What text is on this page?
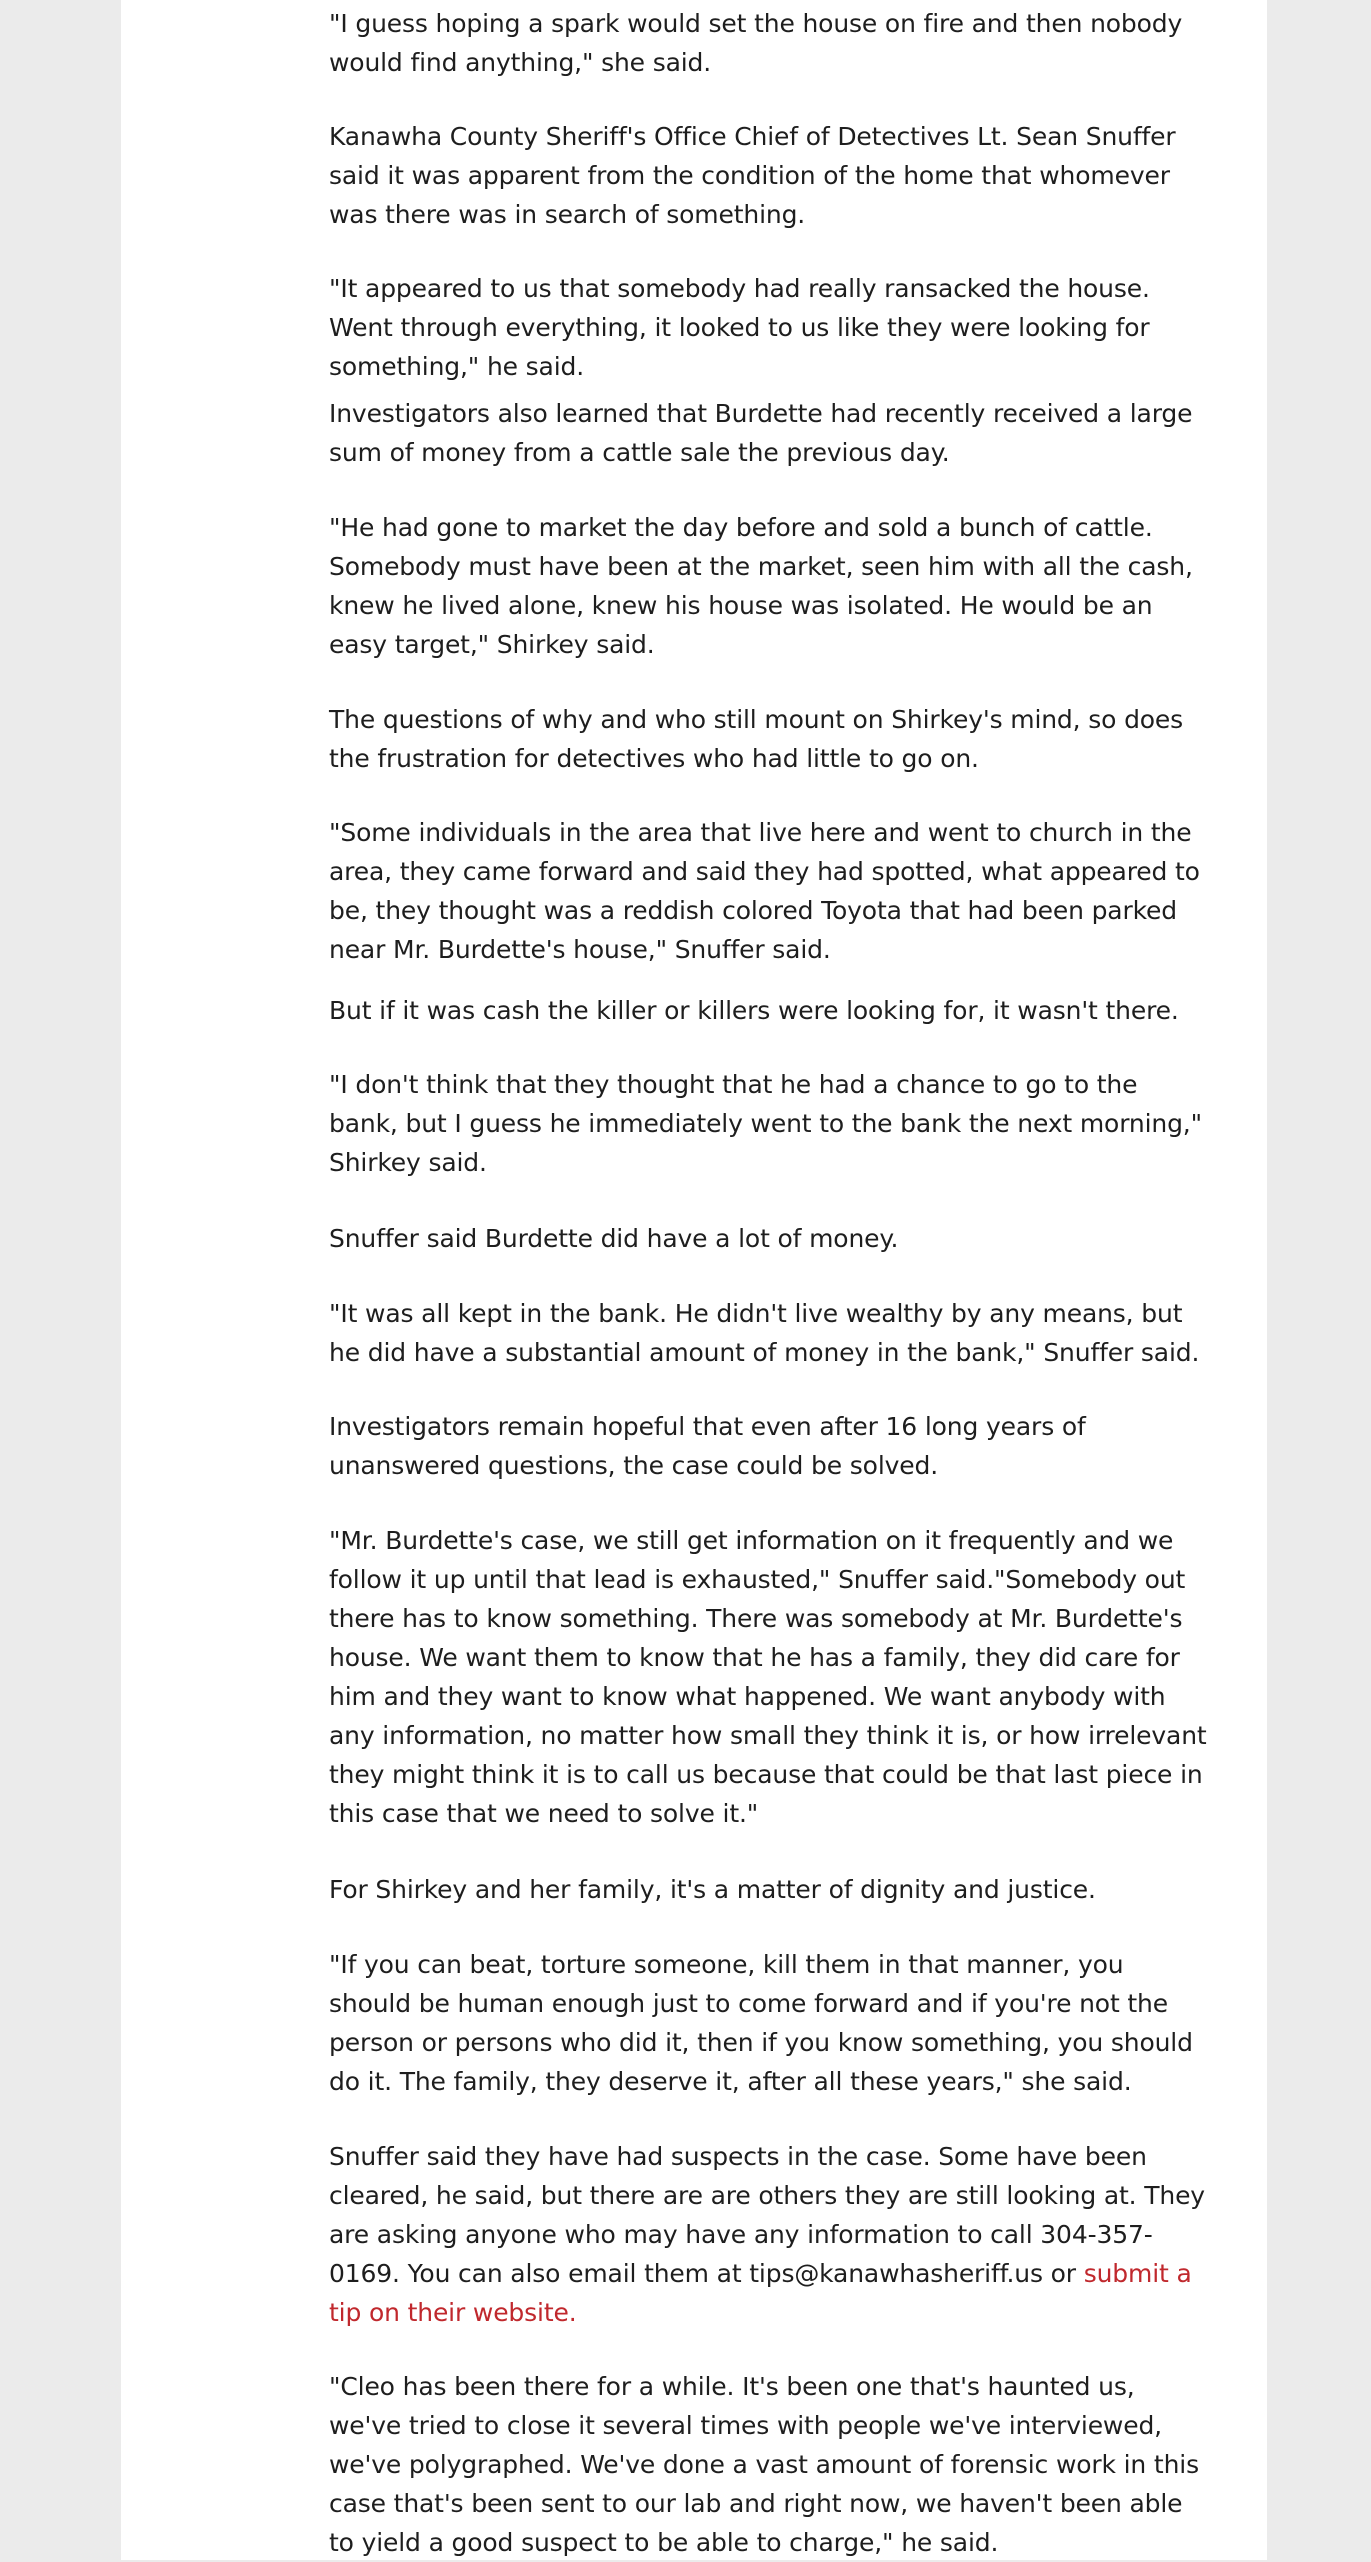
"I guess hoping a spark would set the house on fire and then nobody would find anything," she said.

Kanawha County Sheriff's Office Chief of Detectives Lt. Sean Snuffer said it was apparent from the condition of the home that whomever was there was in search of something.

"It appeared to us that somebody had really ransacked the house. Went through everything, it looked to us like they were looking for something," he said.

Investigators also learned that Burdette had recently received a large sum of money from a cattle sale the previous day.

"He had gone to market the day before and sold a bunch of cattle. Somebody must have been at the market, seen him with all the cash, knew he lived alone, knew his house was isolated. He would be an easy target," Shirkey said.

The questions of why and who still mount on Shirkey's mind, so does the frustration for detectives who had little to go on.

"Some individuals in the area that live here and went to church in the area, they came forward and said they had spotted, what appeared to be, they thought was a reddish colored Toyota that had been parked near Mr. Burdette's house," Snuffer said.

But if it was cash the killer or killers were looking for, it wasn't there.

"I don't think that they thought that he had a chance to go to the bank, but I guess he immediately went to the bank the next morning," Shirkey said.

Snuffer said Burdette did have a lot of money.

"It was all kept in the bank. He didn't live wealthy by any means, but he did have a substantial amount of money in the bank," Snuffer said.

Investigators remain hopeful that even after 16 long years of unanswered questions, the case could be solved.

"Mr. Burdette's case, we still get information on it frequently and we follow it up until that lead is exhausted," Snuffer said."Somebody out there has to know something. There was somebody at Mr. Burdette's house. We want them to know that he has a family, they did care for him and they want to know what happened. We want anybody with any information, no matter how small they think it is, or how irrelevant they might think it is to call us because that could be that last piece in this case that we need to solve it."

For Shirkey and her family, it's a matter of dignity and justice.

"If you can beat, torture someone, kill them in that manner, you should be human enough just to come forward and if you're not the person or persons who did it, then if you know something, you should do it. The family, they deserve it, after all these years," she said.

Snuffer said they have had suspects in the case. Some have been cleared, he said, but there are are others they are still looking at. They are asking anyone who may have any information to call 304-357-0169. You can also email them at tips@kanawhasheriff.us or submit a tip on their website.

"Cleo has been there for a while. It's been one that's haunted us, we've tried to close it several times with people we've interviewed, we've polygraphed. We've done a vast amount of forensic work in this case that's been sent to our lab and right now, we haven't been able to yield a good suspect to be able to charge," he said.
